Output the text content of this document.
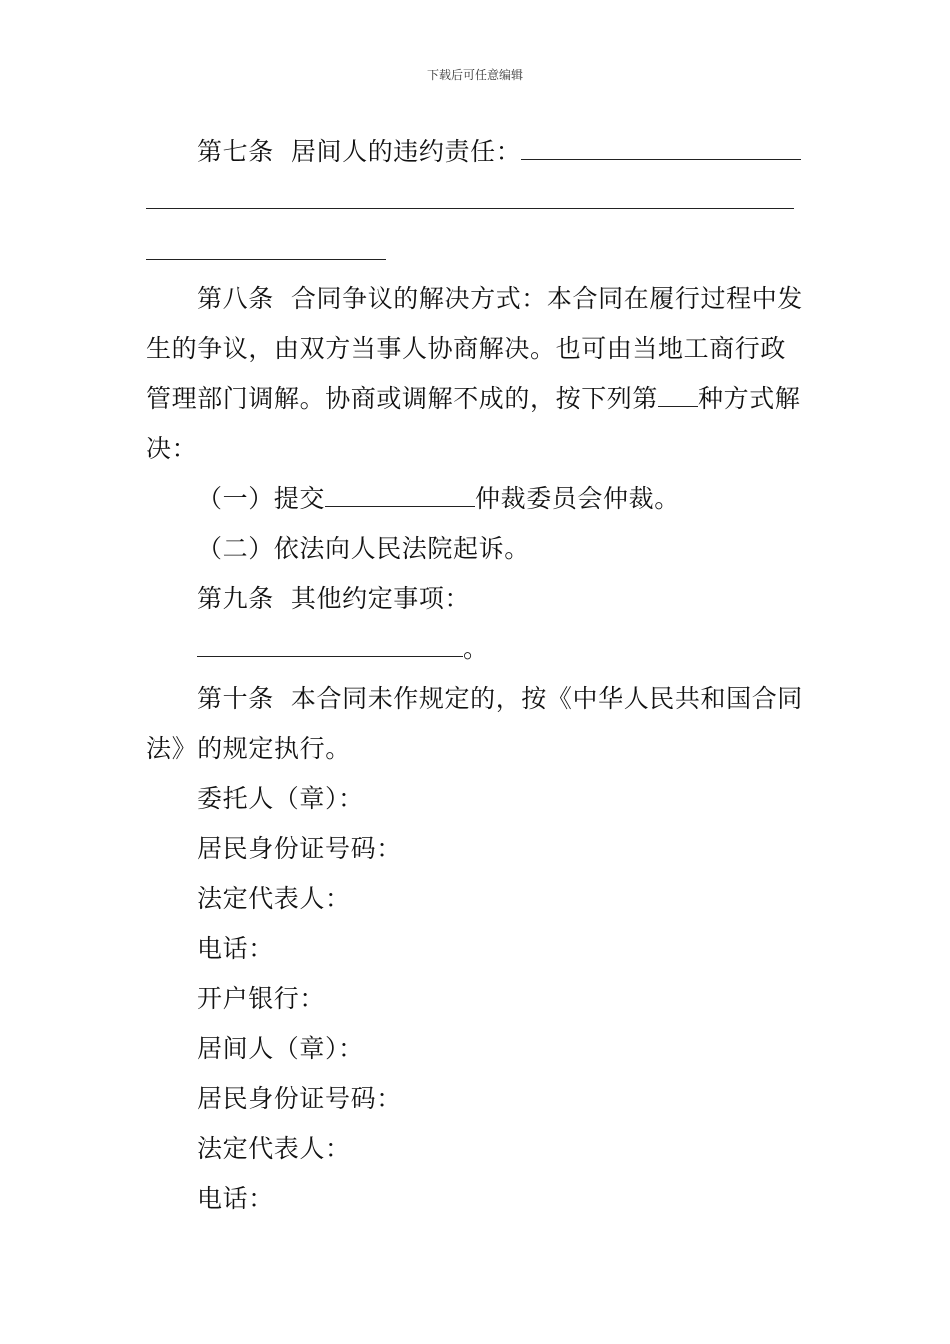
下载后可任意编辑
第七条 居间人的违约责任：
第八条 合同争议的解决方式：本合同在履行过程中发
生的争议，由双方当事人协商解决。也可由当地工商行政
管理部门调解。协商或调解不成的，按下列第 种方式解
决：
（一）提交	仲裁委员会仲裁。
（二）依法向人民法院起诉。
第九条 其他约定事项：
。
第十条 本合同未作规定的，按《中华人民共和国合同
法》的规定执行。
委托人（章）：
居民身份证号码：
法定代表人：
电话：
开户银行：
居间人（章）：
居民身份证号码：
法定代表人：
电话：
